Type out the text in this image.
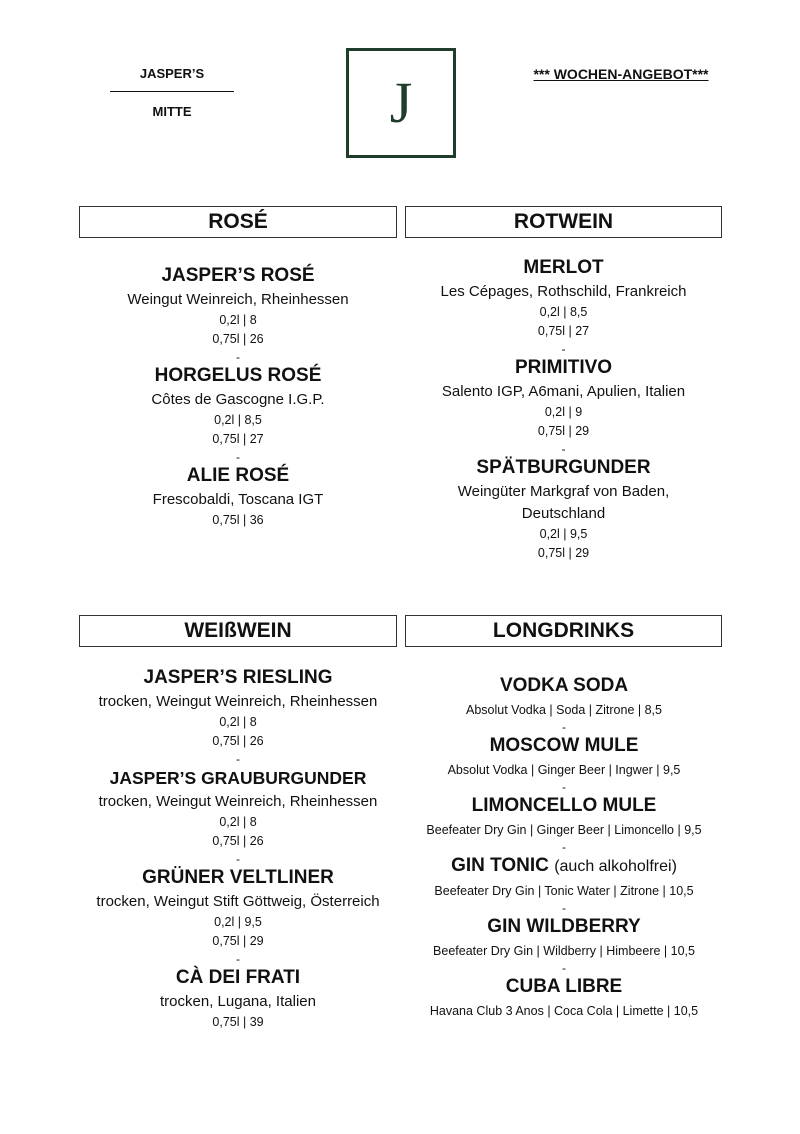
JASPER’S
MITTE	J	*** WOCHEN-ANGEBOT***
ROSÉ	ROTWEIN
WEIßWEIN	LONGDRINKS
JASPER’S ROSÉ
Weingut Weinreich, Rheinhessen
0,2l | 8
0,75l | 26
-
HORGELUS ROSÉ
Côtes de Gascogne I.G.P.
0,2l | 8,5
0,75l | 27
-
ALIE ROSÉ
Frescobaldi, Toscana IGT
0,75l | 36
MERLOT
Les Cépages, Rothschild, Frankreich
0,2l | 8,5
0,75l | 27
-
PRIMITIVO
Salento IGP, A6mani, Apulien, Italien
0,2l | 9
0,75l | 29
-
SPÄTBURGUNDER
Weingüter Markgraf von Baden,
Deutschland
0,2l | 9,5
0,75l | 29
JASPER’S RIESLING
trocken, Weingut Weinreich, Rheinhessen
0,2l | 8
0,75l | 26
-
JASPER’S GRAUBURGUNDER
trocken, Weingut Weinreich, Rheinhessen
0,2l | 8
0,75l | 26
-
GRÜNER VELTLINER
trocken, Weingut Stift Göttweig, Österreich
0,2l | 9,5
0,75l | 29
-
CÀ DEI FRATI
trocken, Lugana, Italien
0,75l | 39
VODKA SODA
Absolut Vodka | Soda | Zitrone | 8,5
-
MOSCOW MULE
Absolut Vodka | Ginger Beer | Ingwer | 9,5
-
LIMONCELLO MULE
Beefeater Dry Gin | Ginger Beer | Limoncello | 9,5
-
GIN TONIC (auch alkoholfrei)
Beefeater Dry Gin | Tonic Water | Zitrone | 10,5
-
GIN WILDBERRY
Beefeater Dry Gin | Wildberry | Himbeere | 10,5
-
CUBA LIBRE
Havana Club 3 Anos | Coca Cola | Limette | 10,5
